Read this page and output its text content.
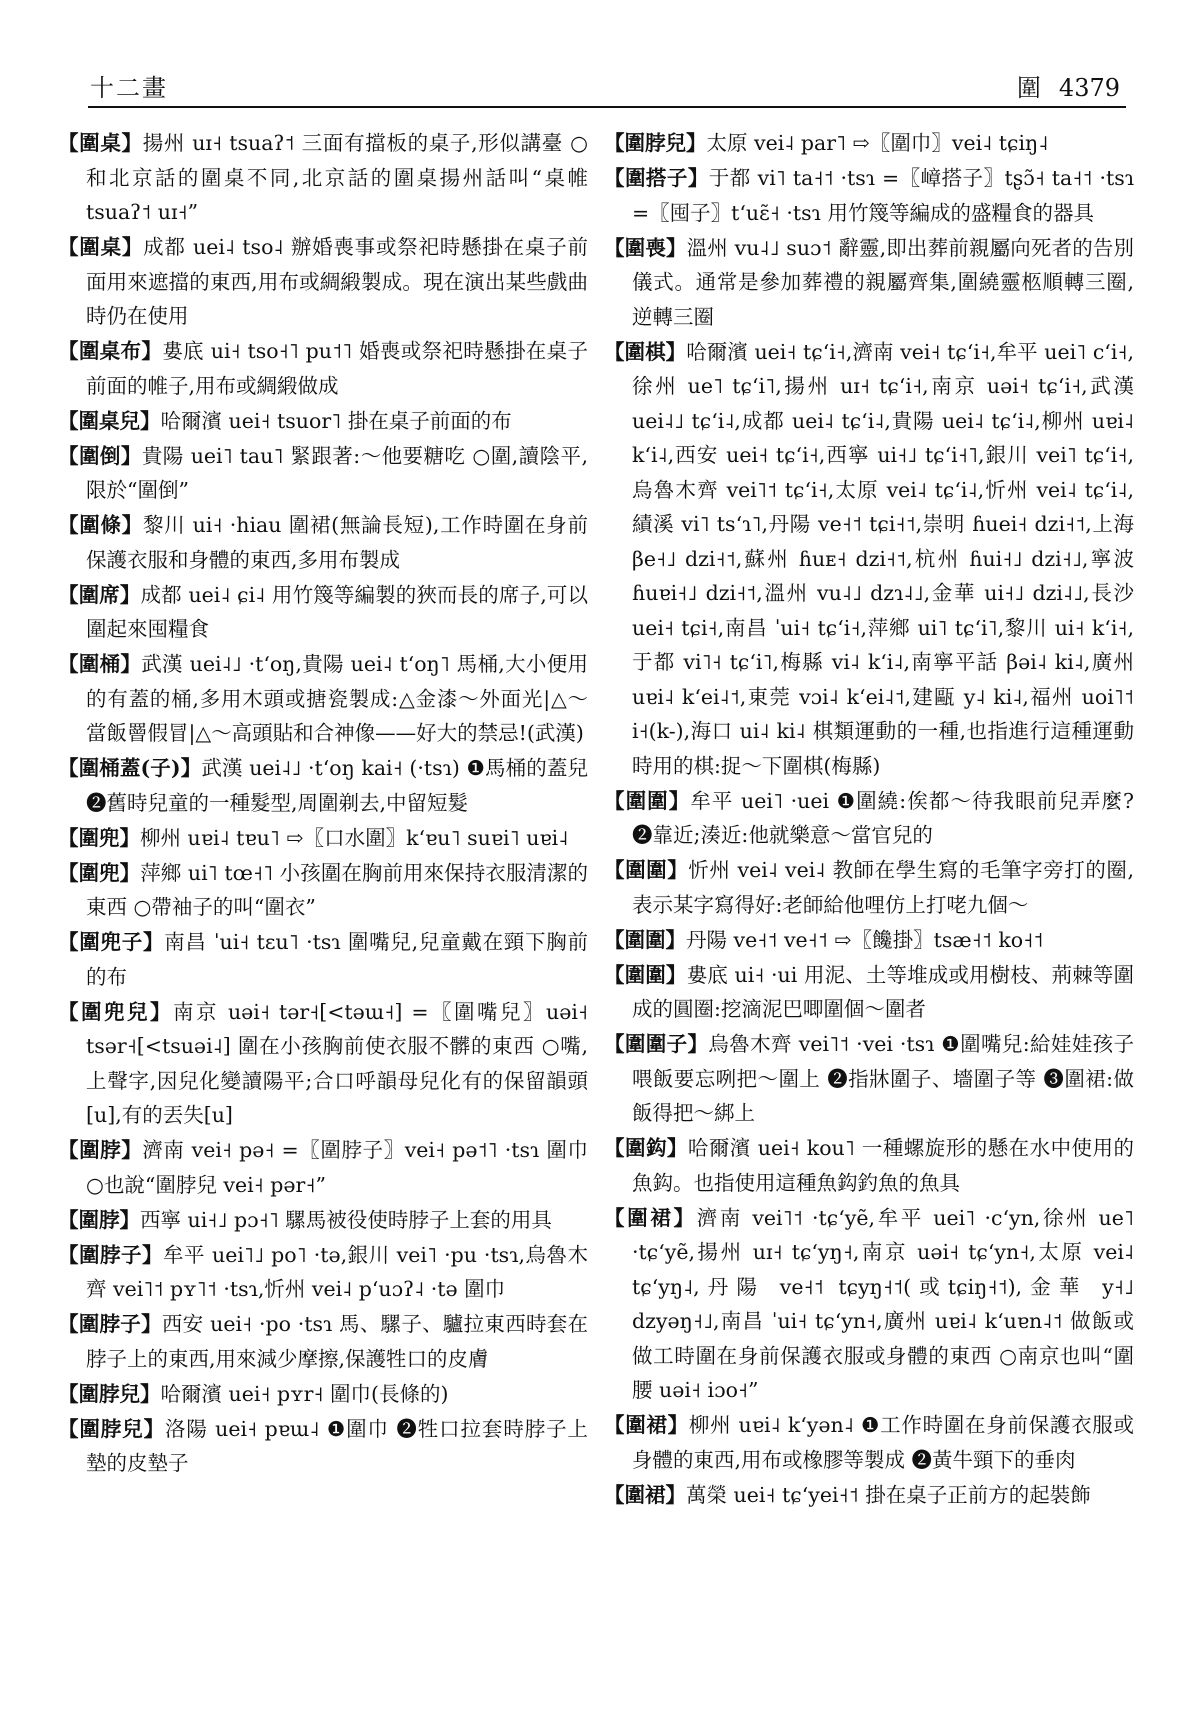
十二畫	圍 4379

【圍桌】揚州 uɪ˧ tsuaʔ˦ 三面有擋板的桌子,形似講臺 ○和北京話的圍桌不同,北京話的圍桌揚州話叫“桌帷 tsuaʔ˦ uɪ˧”

【圍桌】成都 uei˨ tso˨ 辦婚喪事或祭祀時懸掛在桌子前面用來遮擋的東西,用布或綢緞製成。現在演出某些戲曲時仍在使用

【圍桌布】婁底 ui˧ tso˧˥ pu˦˥ 婚喪或祭祀時懸掛在桌子前面的帷子,用布或綢緞做成

【圍桌兒】哈爾濱 uei˧ tsuor˥ 掛在桌子前面的布

【圍倒】貴陽 uei˥ tau˥ 緊跟著:～他要糖吃 ○圍,讀陰平,限於“圍倒”

【圍條】黎川 ui˧ ·hiau 圍裙(無論長短),工作時圍在身前保護衣服和身體的東西,多用布製成

【圍席】成都 uei˨ ɕi˨ 用竹篾等編製的狹而長的席子,可以圍起來囤糧食

【圍桶】武漢 uei˨˩ ·tʻoŋ,貴陽 uei˨ tʻoŋ˥ 馬桶,大小便用的有蓋的桶,多用木頭或搪瓷製成:△金漆～外面光|△～當飯罾假冒|△～高頭貼和合神像——好大的禁忌!(武漢)

【圍桶蓋(子)】武漢 uei˨˩ ·tʻoŋ kai˧ (·tsɿ) ❶馬桶的蓋兒 ❷舊時兒童的一種髮型,周圍剃去,中留短髮

【圍兜】柳州 uɐi˨ tɐu˥ ⇨〖口水圍〗kʻɐu˥ suɐi˥ uɐi˨

【圍兜】萍鄉 ui˥ tœ˧˥ 小孩圍在胸前用來保持衣服清潔的東西 ○帶袖子的叫“圍衣”

【圍兜子】南昌 ˈui˧ tɛu˥ ·tsɿ 圍嘴兒,兒童戴在頸下胸前的布

【圍兜兒】南京 uəi˧ tər˧[<təɯ˧] =〖圍嘴兒〗uəi˧ tsər˧[<tsuəi˨] 圍在小孩胸前使衣服不髒的東西 ○嘴,上聲字,因兒化變讀陽平;合口呼韻母兒化有的保留韻頭[u],有的丟失[u]

【圍脖】濟南 vei˧ pə˧ =〖圍脖子〗vei˧ pə˦˥ ·tsɿ 圍巾 ○也說“圍脖兒 vei˧ pər˧”

【圍脖】西寧 ui˧˩ pɔ˧˥ 騾馬被役使時脖子上套的用具

【圍脖子】牟平 uei˥˩ po˥ ·tə,銀川 vei˥ ·pu ·tsɿ,烏魯木齊 vei˥˦ pʏ˥˦ ·tsɿ,忻州 vei˨ pʻuɔʔ˨ ·tə 圍巾

【圍脖子】西安 uei˧ ·po ·tsɿ 馬、騾子、驢拉東西時套在脖子上的東西,用來減少摩擦,保護牲口的皮膚

【圍脖兒】哈爾濱 uei˧ pʏr˧ 圍巾(長條的)

【圍脖兒】洛陽 uei˧ pɐɯ˨ ❶圍巾 ❷牲口拉套時脖子上墊的皮墊子

【圍脖兒】太原 vei˨ par˥ ⇨〖圍巾〗vei˨ tɕiŋ˨

【圍搭子】于都 vi˥ ta˧˦ ·tsɿ =〖嶂搭子〗tʂɔ̃˧ ta˧˦ ·tsɿ =〖囤子〗tʻuɛ̃˧ ·tsɿ 用竹篾等編成的盛糧食的器具

【圍喪】溫州 vu˨˩ suɔ˦ 辭靈,即出葬前親屬向死者的告別儀式。通常是參加葬禮的親屬齊集,圍繞靈柩順轉三圈,逆轉三圈

【圍棋】哈爾濱 uei˧ tɕʻi˧,濟南 vei˧ tɕʻi˧,牟平 uei˥ cʻi˧,徐州 ue˥ tɕʻi˥,揚州 uɪ˧ tɕʻi˧,南京 uəi˧ tɕʻi˧,武漢 uei˨˩ tɕʻi˨,成都 uei˨ tɕʻi˨,貴陽 uei˨ tɕʻi˨,柳州 uɐi˨ kʻi˨,西安 uei˧ tɕʻi˧,西寧 ui˧˩ tɕʻi˧˥,銀川 vei˥ tɕʻi˧,烏魯木齊 vei˥˦ tɕʻi˧,太原 vei˨ tɕʻi˨,忻州 vei˨ tɕʻi˨,績溪 vi˥ tsʻɿ˥,丹陽 ve˧˦ tɕi˧˦,崇明 ɦuei˧ dzi˧˦,上海 βe˧˩ dzi˧˦,蘇州 ɦuᴇ˧ dzi˧˦,杭州 ɦui˧˩ dzi˧˩,寧波 ɦuɐi˧˩ dzi˧˦,溫州 vu˨˩ dzɿ˨˩,金華 ui˧˩ dzi˨˩,長沙 uei˧ tɕi˧,南昌 ˈui˧ tɕʻi˧,萍鄉 ui˥ tɕʻi˥,黎川 ui˧ kʻi˧,于都 vi˥˧ tɕʻi˥,梅縣 vi˨ kʻi˨,南寧平話 βəi˨ ki˨,廣州 uɐi˨ kʻei˨˦,東莞 vɔi˨ kʻei˨˦,建甌 y˨ ki˨,福州 uoi˥˦ i˧(k-),海口 ui˨ ki˨ 棋類運動的一種,也指進行這種運動時用的棋:捉～下圍棋(梅縣)

【圍圍】牟平 uei˥ ·uei ❶圍繞:俟都～待我眼前兒弄麼? ❷靠近;湊近:他就樂意～當官兒的

【圍圍】忻州 vei˨ vei˨ 教師在學生寫的毛筆字旁打的圈,表示某字寫得好:老師給他哩仿上打咾九個～

【圍圍】丹陽 ve˧˦ ve˧˦ ⇨〖饞掛〗tsæ˧˦ ko˧˦

【圍圍】婁底 ui˧ ·ui 用泥、土等堆成或用樹枝、荊棘等圍成的圓圈:挖滴泥巴唧圍個～圍者

【圍圍子】烏魯木齊 vei˥˦ ·vei ·tsɿ ❶圍嘴兒:給娃娃孩子喂飯要忘咧把～圍上 ❷指牀圍子、墻圍子等 ❸圍裙:做飯得把～綁上

【圍鈎】哈爾濱 uei˧ kou˥ 一種螺旋形的懸在水中使用的魚鈎。也指使用這種魚鈎釣魚的魚具

【圍裙】濟南 vei˥˦ ·tɕʻyẽ,牟平 uei˥ ·cʻyn,徐州 ue˥ ·tɕʻyẽ,揚州 uɪ˧ tɕʻyŋ˧,南京 uəi˧ tɕʻyn˧,太原 vei˨ tɕʻyŋ˨,丹陽 ve˧˦ tɕyŋ˧˦(或tɕiŋ˧˦),金華 y˧˩ dzyəŋ˧˩,南昌 ˈui˧ tɕʻyn˧,廣州 uɐi˨ kʻuɐn˨˦ 做飯或做工時圍在身前保護衣服或身體的東西 ○南京也叫“圍腰 uəi˧ iɔo˧”

【圍裙】柳州 uɐi˨ kʻyən˨ ❶工作時圍在身前保護衣服或身體的東西,用布或橡膠等製成 ❷黃牛頸下的垂肉

【圍裙】萬榮 uei˧ tɕʻyei˧˦ 掛在桌子正前方的起裝飾
